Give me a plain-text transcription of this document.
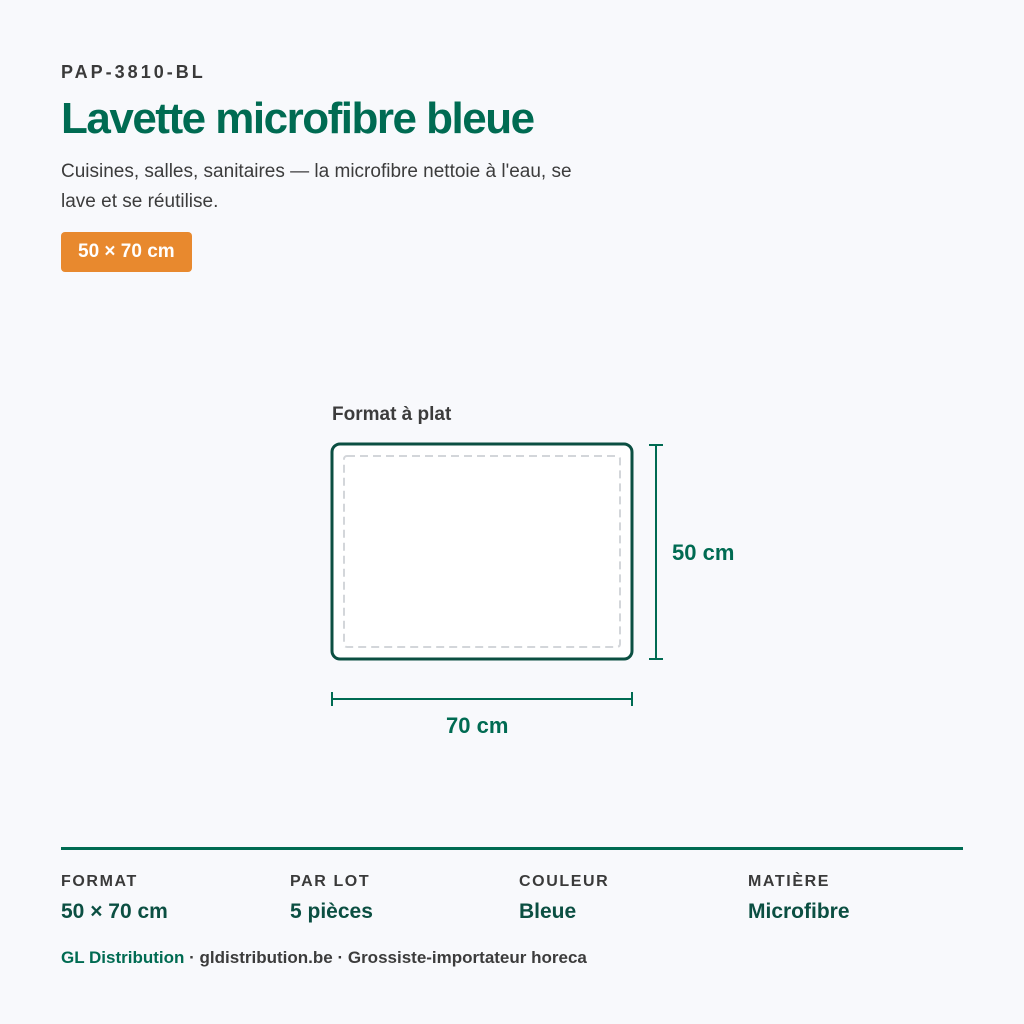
PAP-3810-BL
Lavette microfibre bleue
Cuisines, salles, sanitaires — la microfibre nettoie à l'eau, se lave et se réutilise.
50 × 70 cm
Format à plat
50 cm
70 cm
FORMAT
50 × 70 cm
PAR LOT
5 pièces
COULEUR
Bleue
MATIÈRE
Microfibre
GL Distribution · gldistribution.be · Grossiste-importateur horeca
